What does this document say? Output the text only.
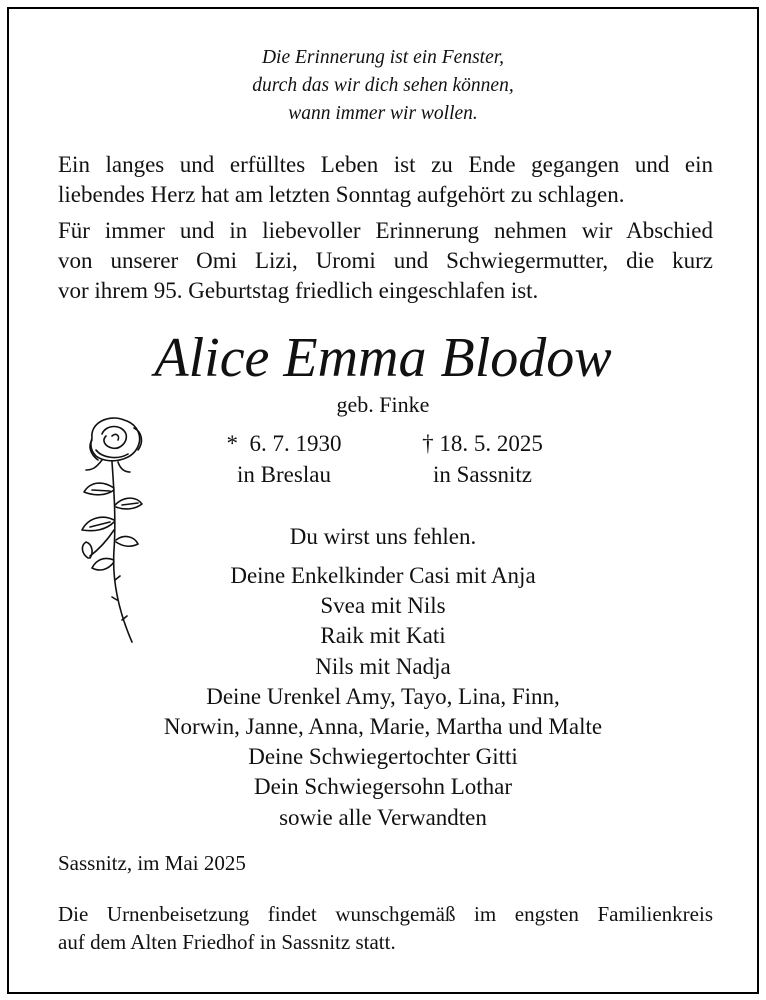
Die Erinnerung ist ein Fenster,
durch das wir dich sehen können,
wann immer wir wollen.
Ein langes und erfülltes Leben ist zu Ende gegangen und ein
liebendes Herz hat am letzten Sonntag aufgehört zu schlagen.
Für immer und in liebevoller Erinnerung nehmen wir Abschied
von unserer Omi Lizi, Uromi und Schwiegermutter, die kurz
vor ihrem 95. Geburtstag friedlich eingeschlafen ist.
Alice Emma Blodow
geb. Finke
*  6. 7. 1930
in Breslau
† 18. 5. 2025
in Sassnitz
Du wirst uns fehlen.
Deine Enkelkinder Casi mit Anja
Svea mit Nils
Raik mit Kati
Nils mit Nadja
Deine Urenkel Amy, Tayo, Lina, Finn,
Norwin, Janne, Anna, Marie, Martha und Malte
Deine Schwiegertochter Gitti
Dein Schwiegersohn Lothar
sowie alle Verwandten
Sassnitz, im Mai 2025
Die Urnenbeisetzung findet wunschgemäß im engsten Familienkreis
auf dem Alten Friedhof in Sassnitz statt.
